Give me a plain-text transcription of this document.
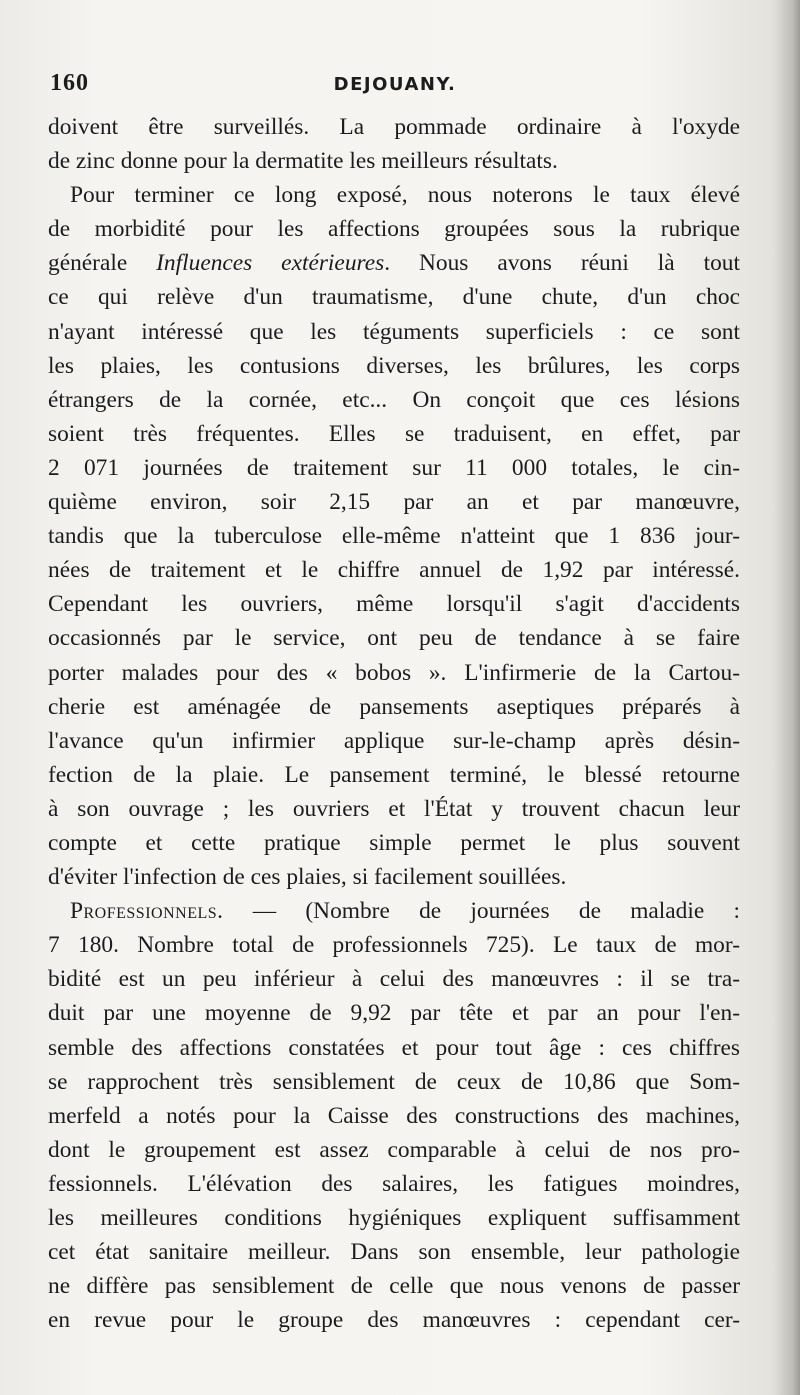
160	DEJOUANY.
doivent être surveillés. La pommade ordinaire à l'oxyde
de zinc donne pour la dermatite les meilleurs résultats.
Pour terminer ce long exposé, nous noterons le taux élevé
de morbidité pour les affections groupées sous la rubrique
générale Influences extérieures. Nous avons réuni là tout
ce qui relève d'un traumatisme, d'une chute, d'un choc
n'ayant intéressé que les téguments superficiels : ce sont
les plaies, les contusions diverses, les brûlures, les corps
étrangers de la cornée, etc... On conçoit que ces lésions
soient très fréquentes. Elles se traduisent, en effet, par
2 071 journées de traitement sur 11 000 totales, le cin-
quième environ, soir 2,15 par an et par manœuvre,
tandis que la tuberculose elle-même n'atteint que 1 836 jour-
nées de traitement et le chiffre annuel de 1,92 par intéressé.
Cependant les ouvriers, même lorsqu'il s'agit d'accidents
occasionnés par le service, ont peu de tendance à se faire
porter malades pour des « bobos ». L'infirmerie de la Cartou-
cherie est aménagée de pansements aseptiques préparés à
l'avance qu'un infirmier applique sur-le-champ après désin-
fection de la plaie. Le pansement terminé, le blessé retourne
à son ouvrage ; les ouvriers et l'État y trouvent chacun leur
compte et cette pratique simple permet le plus souvent
d'éviter l'infection de ces plaies, si facilement souillées.
Professionnels. — (Nombre de journées de maladie :
7 180. Nombre total de professionnels 725). Le taux de mor-
bidité est un peu inférieur à celui des manœuvres : il se tra-
duit par une moyenne de 9,92 par tête et par an pour l'en-
semble des affections constatées et pour tout âge : ces chiffres
se rapprochent très sensiblement de ceux de 10,86 que Som-
merfeld a notés pour la Caisse des constructions des machines,
dont le groupement est assez comparable à celui de nos pro-
fessionnels. L'élévation des salaires, les fatigues moindres,
les meilleures conditions hygiéniques expliquent suffisamment
cet état sanitaire meilleur. Dans son ensemble, leur pathologie
ne diffère pas sensiblement de celle que nous venons de passer
en revue pour le groupe des manœuvres : cependant cer-
